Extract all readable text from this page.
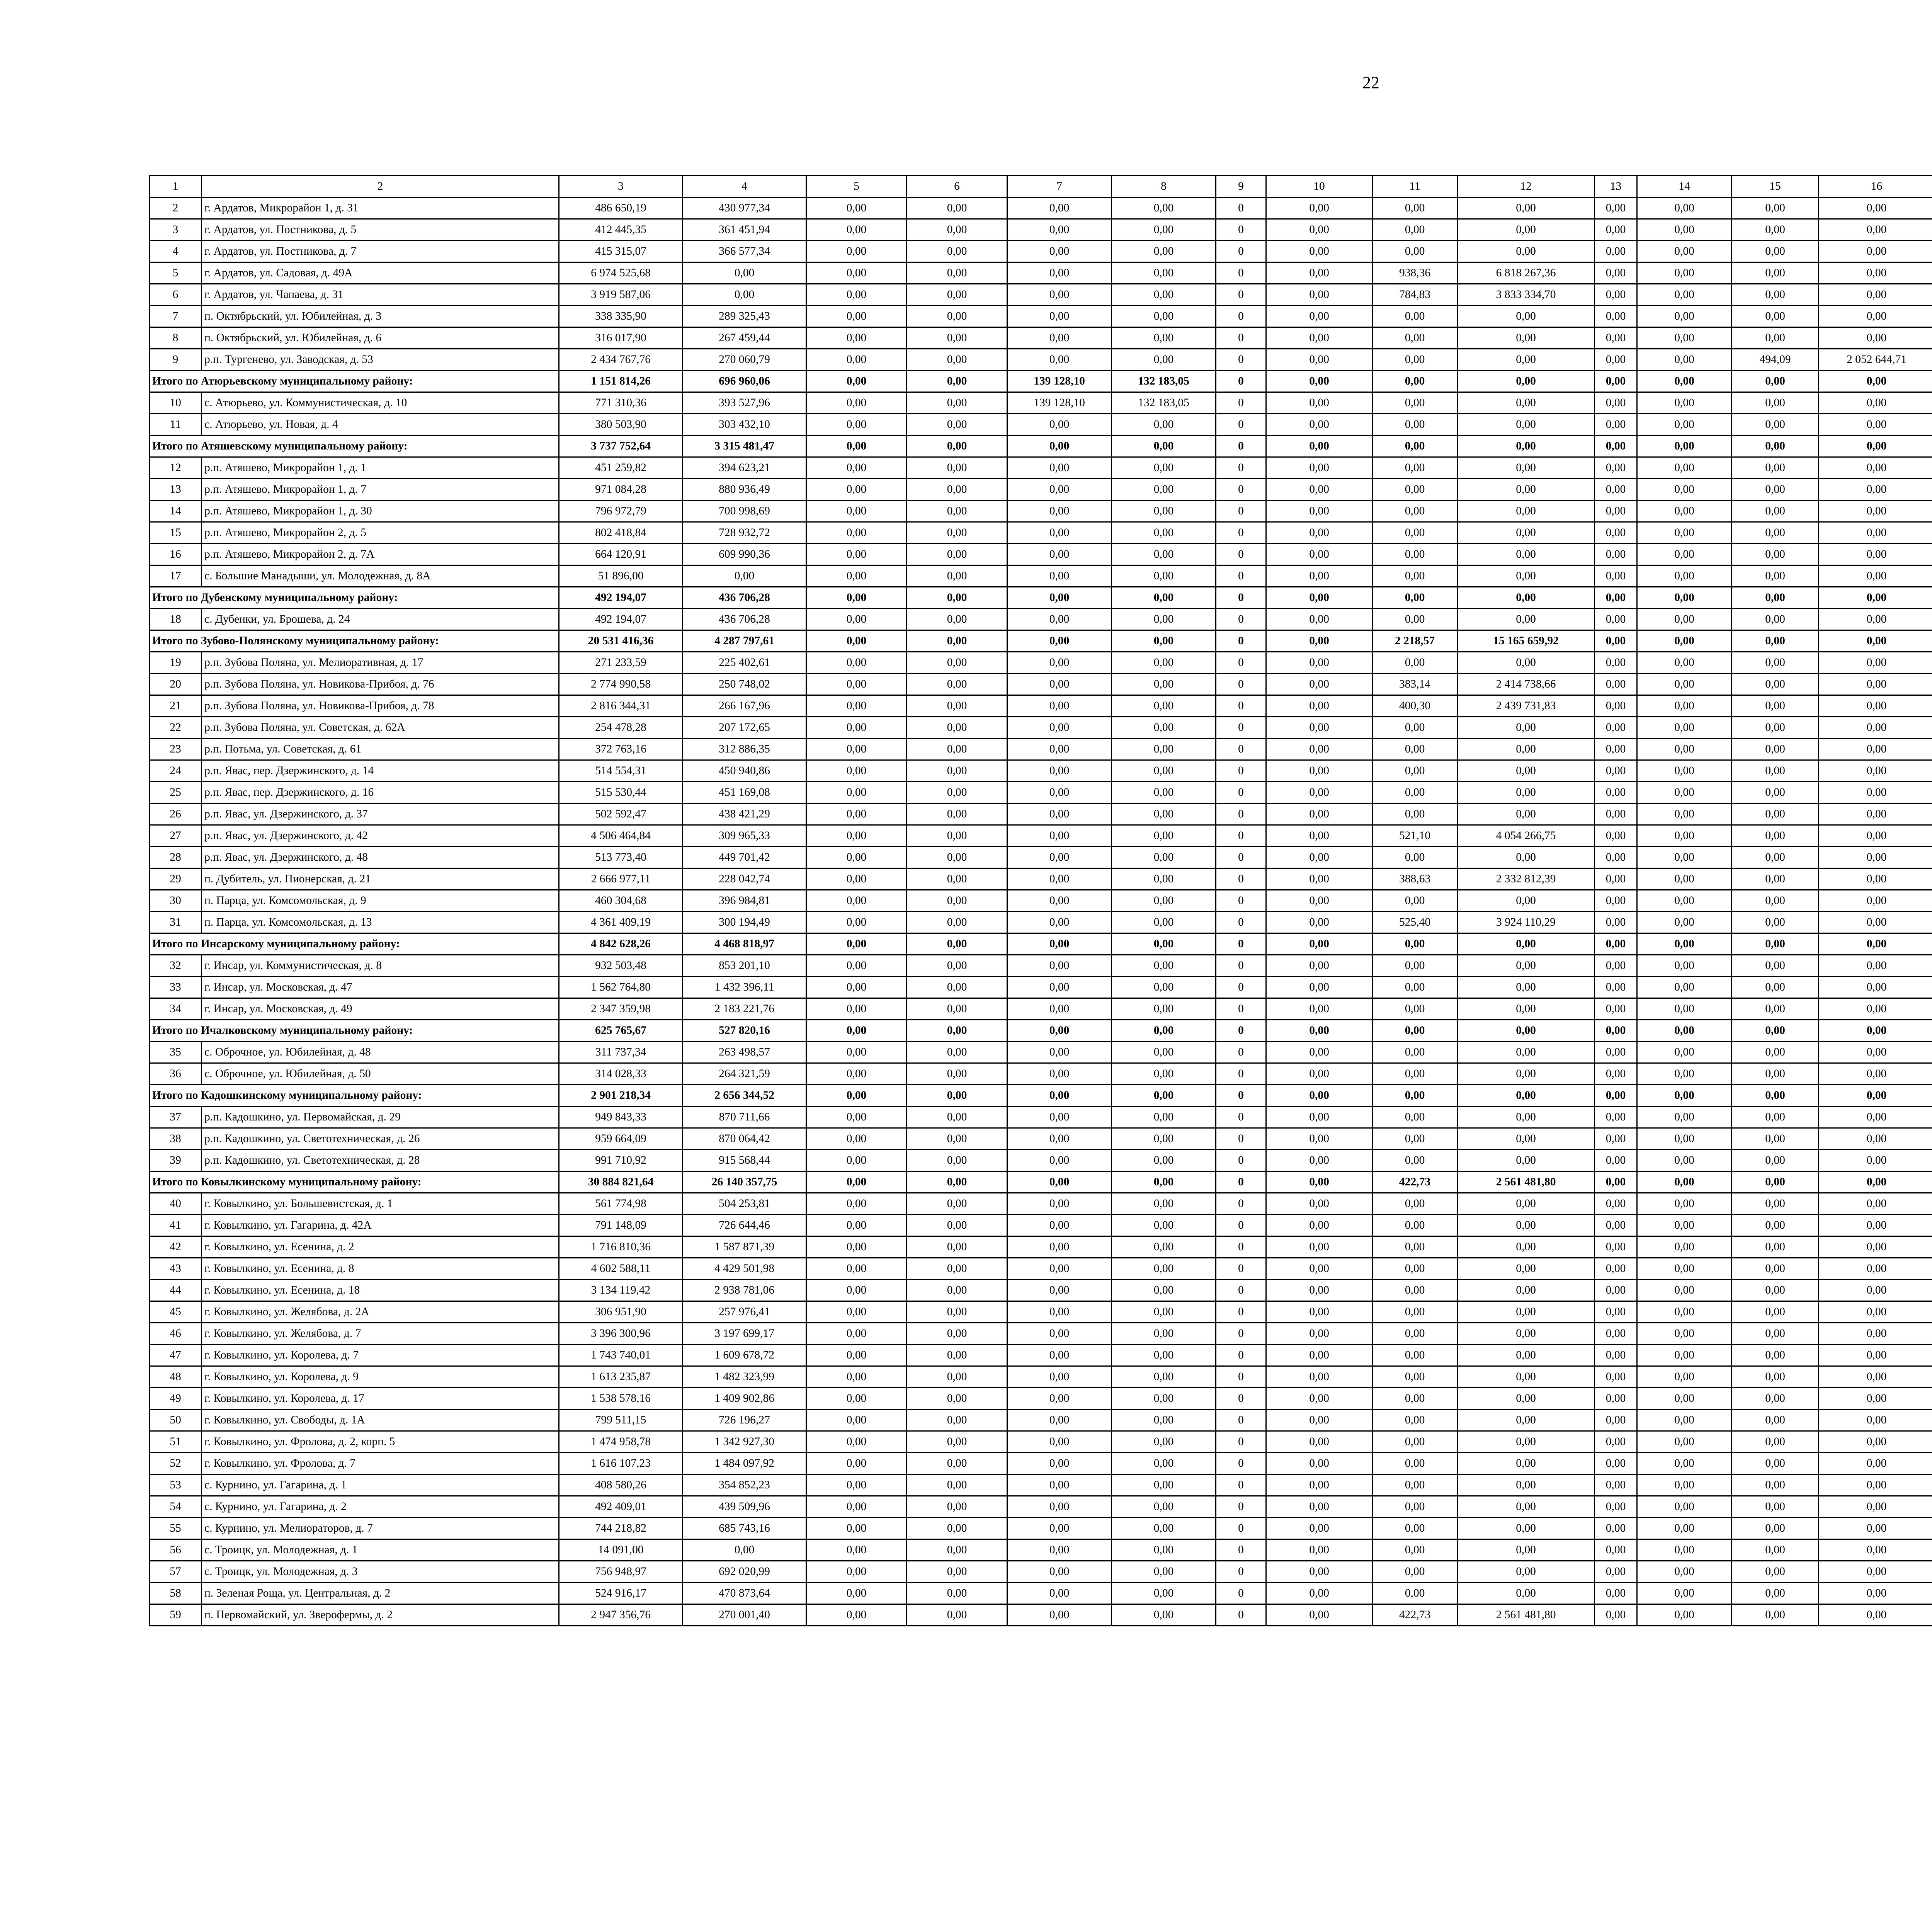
22
1	2	3	4	5	6	7	8	9	10	11	12	13	14	15	16					
2	г. Ардатов, Микрорайон 1, д. 31	486 650,19	430 977,34	0,00	0,00	0,00	0,00	0	0,00	0,00	0,00	0,00	0,00	0,00	0,00					
3	г. Ардатов, ул. Постникова, д. 5	412 445,35	361 451,94	0,00	0,00	0,00	0,00	0	0,00	0,00	0,00	0,00	0,00	0,00	0,00					
4	г. Ардатов, ул. Постникова, д. 7	415 315,07	366 577,34	0,00	0,00	0,00	0,00	0	0,00	0,00	0,00	0,00	0,00	0,00	0,00					
5	г. Ардатов, ул. Садовая, д. 49А	6 974 525,68	0,00	0,00	0,00	0,00	0,00	0	0,00	938,36	6 818 267,36	0,00	0,00	0,00	0,00					
6	г. Ардатов, ул. Чапаева, д. 31	3 919 587,06	0,00	0,00	0,00	0,00	0,00	0	0,00	784,83	3 833 334,70	0,00	0,00	0,00	0,00					
7	п. Октябрьский, ул. Юбилейная, д. 3	338 335,90	289 325,43	0,00	0,00	0,00	0,00	0	0,00	0,00	0,00	0,00	0,00	0,00	0,00					
8	п. Октябрьский, ул. Юбилейная, д. 6	316 017,90	267 459,44	0,00	0,00	0,00	0,00	0	0,00	0,00	0,00	0,00	0,00	0,00	0,00					
9	р.п. Тургенево, ул. Заводская, д. 53	2 434 767,76	270 060,79	0,00	0,00	0,00	0,00	0	0,00	0,00	0,00	0,00	0,00	494,09	2 052 644,71					
Итого по Атюрьевскому муниципальному району:		1 151 814,26	696 960,06	0,00	0,00	139 128,10	132 183,05	0	0,00	0,00	0,00	0,00	0,00	0,00	0,00					
10	с. Атюрьево, ул. Коммунистическая, д. 10	771 310,36	393 527,96	0,00	0,00	139 128,10	132 183,05	0	0,00	0,00	0,00	0,00	0,00	0,00	0,00					
11	с. Атюрьево, ул. Новая, д. 4	380 503,90	303 432,10	0,00	0,00	0,00	0,00	0	0,00	0,00	0,00	0,00	0,00	0,00	0,00					
Итого по Атяшевскому муниципальному району:		3 737 752,64	3 315 481,47	0,00	0,00	0,00	0,00	0	0,00	0,00	0,00	0,00	0,00	0,00	0,00					
12	р.п. Атяшево, Микрорайон 1, д. 1	451 259,82	394 623,21	0,00	0,00	0,00	0,00	0	0,00	0,00	0,00	0,00	0,00	0,00	0,00					
13	р.п. Атяшево, Микрорайон 1, д. 7	971 084,28	880 936,49	0,00	0,00	0,00	0,00	0	0,00	0,00	0,00	0,00	0,00	0,00	0,00					
14	р.п. Атяшево, Микрорайон 1, д. 30	796 972,79	700 998,69	0,00	0,00	0,00	0,00	0	0,00	0,00	0,00	0,00	0,00	0,00	0,00					
15	р.п. Атяшево, Микрорайон 2, д. 5	802 418,84	728 932,72	0,00	0,00	0,00	0,00	0	0,00	0,00	0,00	0,00	0,00	0,00	0,00					
16	р.п. Атяшево, Микрорайон 2, д. 7А	664 120,91	609 990,36	0,00	0,00	0,00	0,00	0	0,00	0,00	0,00	0,00	0,00	0,00	0,00					
17	с. Большие Манадыши, ул. Молодежная, д. 8А	51 896,00	0,00	0,00	0,00	0,00	0,00	0	0,00	0,00	0,00	0,00	0,00	0,00	0,00					
Итого по Дубенскому муниципальному району:		492 194,07	436 706,28	0,00	0,00	0,00	0,00	0	0,00	0,00	0,00	0,00	0,00	0,00	0,00					
18	с. Дубенки, ул. Брошева, д. 24	492 194,07	436 706,28	0,00	0,00	0,00	0,00	0	0,00	0,00	0,00	0,00	0,00	0,00	0,00					
Итого по Зубово-Полянскому муниципальному району:		20 531 416,36	4 287 797,61	0,00	0,00	0,00	0,00	0	0,00	2 218,57	15 165 659,92	0,00	0,00	0,00	0,00					
19	р.п. Зубова Поляна, ул. Мелиоративная, д. 17	271 233,59	225 402,61	0,00	0,00	0,00	0,00	0	0,00	0,00	0,00	0,00	0,00	0,00	0,00					
20	р.п. Зубова Поляна, ул. Новикова-Прибоя, д. 76	2 774 990,58	250 748,02	0,00	0,00	0,00	0,00	0	0,00	383,14	2 414 738,66	0,00	0,00	0,00	0,00					
21	р.п. Зубова Поляна, ул. Новикова-Прибоя, д. 78	2 816 344,31	266 167,96	0,00	0,00	0,00	0,00	0	0,00	400,30	2 439 731,83	0,00	0,00	0,00	0,00					
22	р.п. Зубова Поляна, ул. Советская, д. 62А	254 478,28	207 172,65	0,00	0,00	0,00	0,00	0	0,00	0,00	0,00	0,00	0,00	0,00	0,00					
23	р.п. Потьма, ул. Советская, д. 61	372 763,16	312 886,35	0,00	0,00	0,00	0,00	0	0,00	0,00	0,00	0,00	0,00	0,00	0,00					
24	р.п. Явас, пер. Дзержинского, д. 14	514 554,31	450 940,86	0,00	0,00	0,00	0,00	0	0,00	0,00	0,00	0,00	0,00	0,00	0,00					
25	р.п. Явас, пер. Дзержинского, д. 16	515 530,44	451 169,08	0,00	0,00	0,00	0,00	0	0,00	0,00	0,00	0,00	0,00	0,00	0,00					
26	р.п. Явас, ул. Дзержинского, д. 37	502 592,47	438 421,29	0,00	0,00	0,00	0,00	0	0,00	0,00	0,00	0,00	0,00	0,00	0,00					
27	р.п. Явас, ул. Дзержинского, д. 42	4 506 464,84	309 965,33	0,00	0,00	0,00	0,00	0	0,00	521,10	4 054 266,75	0,00	0,00	0,00	0,00					
28	р.п. Явас, ул. Дзержинского, д. 48	513 773,40	449 701,42	0,00	0,00	0,00	0,00	0	0,00	0,00	0,00	0,00	0,00	0,00	0,00					
29	п. Дубитель, ул. Пионерская, д. 21	2 666 977,11	228 042,74	0,00	0,00	0,00	0,00	0	0,00	388,63	2 332 812,39	0,00	0,00	0,00	0,00					
30	п. Парца, ул. Комсомольская, д. 9	460 304,68	396 984,81	0,00	0,00	0,00	0,00	0	0,00	0,00	0,00	0,00	0,00	0,00	0,00					
31	п. Парца, ул. Комсомольская, д. 13	4 361 409,19	300 194,49	0,00	0,00	0,00	0,00	0	0,00	525,40	3 924 110,29	0,00	0,00	0,00	0,00					
Итого по Инсарскому муниципальному району:		4 842 628,26	4 468 818,97	0,00	0,00	0,00	0,00	0	0,00	0,00	0,00	0,00	0,00	0,00	0,00					
32	г. Инсар, ул. Коммунистическая, д. 8	932 503,48	853 201,10	0,00	0,00	0,00	0,00	0	0,00	0,00	0,00	0,00	0,00	0,00	0,00					
33	г. Инсар, ул. Московская, д. 47	1 562 764,80	1 432 396,11	0,00	0,00	0,00	0,00	0	0,00	0,00	0,00	0,00	0,00	0,00	0,00					
34	г. Инсар, ул. Московская, д. 49	2 347 359,98	2 183 221,76	0,00	0,00	0,00	0,00	0	0,00	0,00	0,00	0,00	0,00	0,00	0,00					
Итого по Ичалковскому муниципальному району:		625 765,67	527 820,16	0,00	0,00	0,00	0,00	0	0,00	0,00	0,00	0,00	0,00	0,00	0,00					
35	с. Оброчное, ул. Юбилейная, д. 48	311 737,34	263 498,57	0,00	0,00	0,00	0,00	0	0,00	0,00	0,00	0,00	0,00	0,00	0,00					
36	с. Оброчное, ул. Юбилейная, д. 50	314 028,33	264 321,59	0,00	0,00	0,00	0,00	0	0,00	0,00	0,00	0,00	0,00	0,00	0,00					
Итого по Кадошкинскому муниципальному району:		2 901 218,34	2 656 344,52	0,00	0,00	0,00	0,00	0	0,00	0,00	0,00	0,00	0,00	0,00	0,00					
37	р.п. Кадошкино, ул. Первомайская, д. 29	949 843,33	870 711,66	0,00	0,00	0,00	0,00	0	0,00	0,00	0,00	0,00	0,00	0,00	0,00					
38	р.п. Кадошкино, ул. Светотехническая, д. 26	959 664,09	870 064,42	0,00	0,00	0,00	0,00	0	0,00	0,00	0,00	0,00	0,00	0,00	0,00					
39	р.п. Кадошкино, ул. Светотехническая, д. 28	991 710,92	915 568,44	0,00	0,00	0,00	0,00	0	0,00	0,00	0,00	0,00	0,00	0,00	0,00					
Итого по Ковылкинскому муниципальному району:		30 884 821,64	26 140 357,75	0,00	0,00	0,00	0,00	0	0,00	422,73	2 561 481,80	0,00	0,00	0,00	0,00					
40	г. Ковылкино, ул. Большевистская, д. 1	561 774,98	504 253,81	0,00	0,00	0,00	0,00	0	0,00	0,00	0,00	0,00	0,00	0,00	0,00					
41	г. Ковылкино, ул. Гагарина, д. 42А	791 148,09	726 644,46	0,00	0,00	0,00	0,00	0	0,00	0,00	0,00	0,00	0,00	0,00	0,00					
42	г. Ковылкино, ул. Есенина, д. 2	1 716 810,36	1 587 871,39	0,00	0,00	0,00	0,00	0	0,00	0,00	0,00	0,00	0,00	0,00	0,00					
43	г. Ковылкино, ул. Есенина, д. 8	4 602 588,11	4 429 501,98	0,00	0,00	0,00	0,00	0	0,00	0,00	0,00	0,00	0,00	0,00	0,00					
44	г. Ковылкино, ул. Есенина, д. 18	3 134 119,42	2 938 781,06	0,00	0,00	0,00	0,00	0	0,00	0,00	0,00	0,00	0,00	0,00	0,00					
45	г. Ковылкино, ул. Желябова, д. 2А	306 951,90	257 976,41	0,00	0,00	0,00	0,00	0	0,00	0,00	0,00	0,00	0,00	0,00	0,00					
46	г. Ковылкино, ул. Желябова, д. 7	3 396 300,96	3 197 699,17	0,00	0,00	0,00	0,00	0	0,00	0,00	0,00	0,00	0,00	0,00	0,00					
47	г. Ковылкино, ул. Королева, д. 7	1 743 740,01	1 609 678,72	0,00	0,00	0,00	0,00	0	0,00	0,00	0,00	0,00	0,00	0,00	0,00					
48	г. Ковылкино, ул. Королева, д. 9	1 613 235,87	1 482 323,99	0,00	0,00	0,00	0,00	0	0,00	0,00	0,00	0,00	0,00	0,00	0,00					
49	г. Ковылкино, ул. Королева, д. 17	1 538 578,16	1 409 902,86	0,00	0,00	0,00	0,00	0	0,00	0,00	0,00	0,00	0,00	0,00	0,00					
50	г. Ковылкино, ул. Свободы, д. 1А	799 511,15	726 196,27	0,00	0,00	0,00	0,00	0	0,00	0,00	0,00	0,00	0,00	0,00	0,00					
51	г. Ковылкино, ул. Фролова, д. 2, корп. 5	1 474 958,78	1 342 927,30	0,00	0,00	0,00	0,00	0	0,00	0,00	0,00	0,00	0,00	0,00	0,00					
52	г. Ковылкино, ул. Фролова, д. 7	1 616 107,23	1 484 097,92	0,00	0,00	0,00	0,00	0	0,00	0,00	0,00	0,00	0,00	0,00	0,00					
53	с. Курнино, ул. Гагарина, д. 1	408 580,26	354 852,23	0,00	0,00	0,00	0,00	0	0,00	0,00	0,00	0,00	0,00	0,00	0,00					
54	с. Курнино, ул. Гагарина, д. 2	492 409,01	439 509,96	0,00	0,00	0,00	0,00	0	0,00	0,00	0,00	0,00	0,00	0,00	0,00					
55	с. Курнино, ул. Мелиораторов, д. 7	744 218,82	685 743,16	0,00	0,00	0,00	0,00	0	0,00	0,00	0,00	0,00	0,00	0,00	0,00					
56	с. Троицк, ул. Молодежная, д. 1	14 091,00	0,00	0,00	0,00	0,00	0,00	0	0,00	0,00	0,00	0,00	0,00	0,00	0,00					
57	с. Троицк, ул. Молодежная, д. 3	756 948,97	692 020,99	0,00	0,00	0,00	0,00	0	0,00	0,00	0,00	0,00	0,00	0,00	0,00					
58	п. Зеленая Роща, ул. Центральная, д. 2	524 916,17	470 873,64	0,00	0,00	0,00	0,00	0	0,00	0,00	0,00	0,00	0,00	0,00	0,00					
59	п. Первомайский, ул. Зверофермы, д. 2	2 947 356,76	270 001,40	0,00	0,00	0,00	0,00	0	0,00	422,73	2 561 481,80	0,00	0,00	0,00	0,00					
